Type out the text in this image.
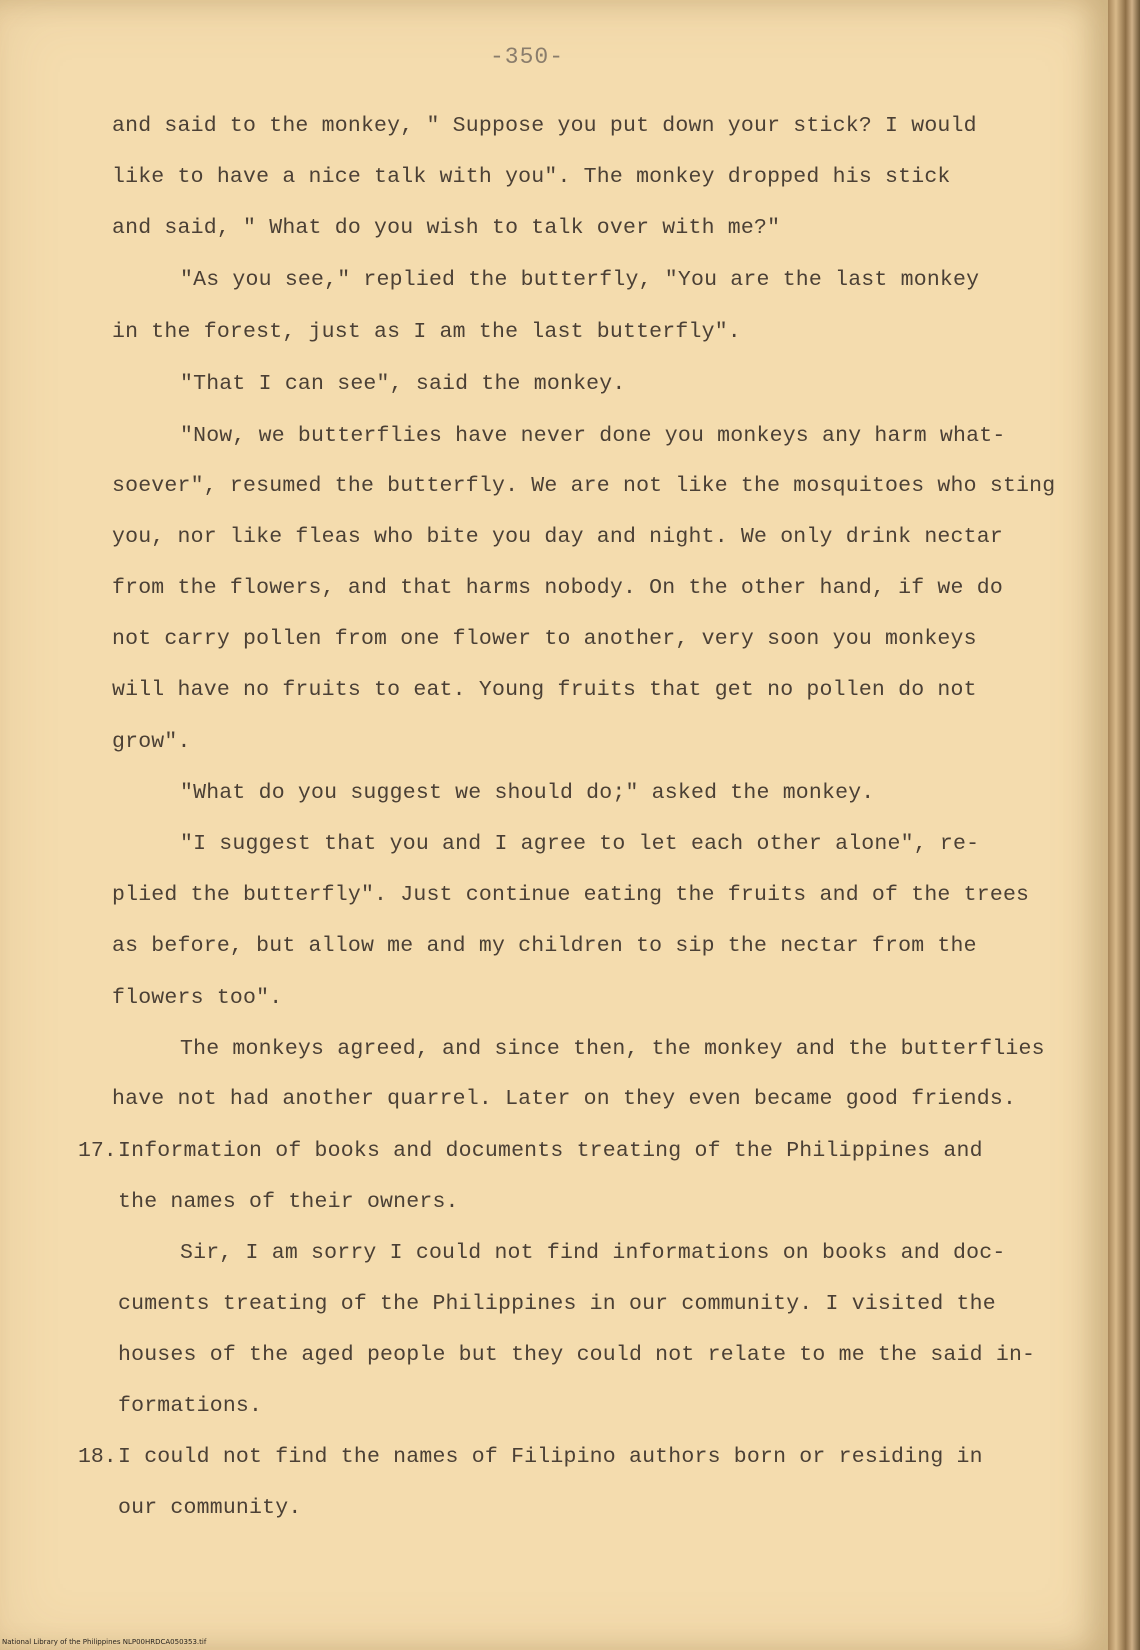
-350-
and said to the monkey, " Suppose you put down your stick? I would
like to have a nice talk with you". The monkey dropped his stick
and said, " What do you wish to talk over with me?"
"As you see," replied the butterfly, "You are the last monkey
in the forest, just as I am the last butterfly".
"That I can see", said the monkey.
"Now, we butterflies have never done you monkeys any harm what-
soever", resumed the butterfly. We are not like the mosquitoes who sting
you, nor like fleas who bite you day and night. We only drink nectar
from the flowers, and that harms nobody. On the other hand, if we do
not carry pollen from one flower to another, very soon you monkeys
will have no fruits to eat. Young fruits that get no pollen do not
grow".
"What do you suggest we should do;" asked the monkey.
"I suggest that you and I agree to let each other alone", re-
plied the butterfly". Just continue eating the fruits and of the trees
as before, but allow me and my children to sip the nectar from the
flowers too".
The monkeys agreed, and since then, the monkey and the butterflies
have not had another quarrel. Later on they even became good friends.
17. Information of books and documents treating of the Philippines and
the names of their owners.
Sir, I am sorry I could not find informations on books and doc-
cuments treating of the Philippines in our community. I visited the
houses of the aged people but they could not relate to me the said in-
formations.
18. I could not find the names of Filipino authors born or residing in
our community.
National Library of the Philippines NLP00HRDCA050353.tif
